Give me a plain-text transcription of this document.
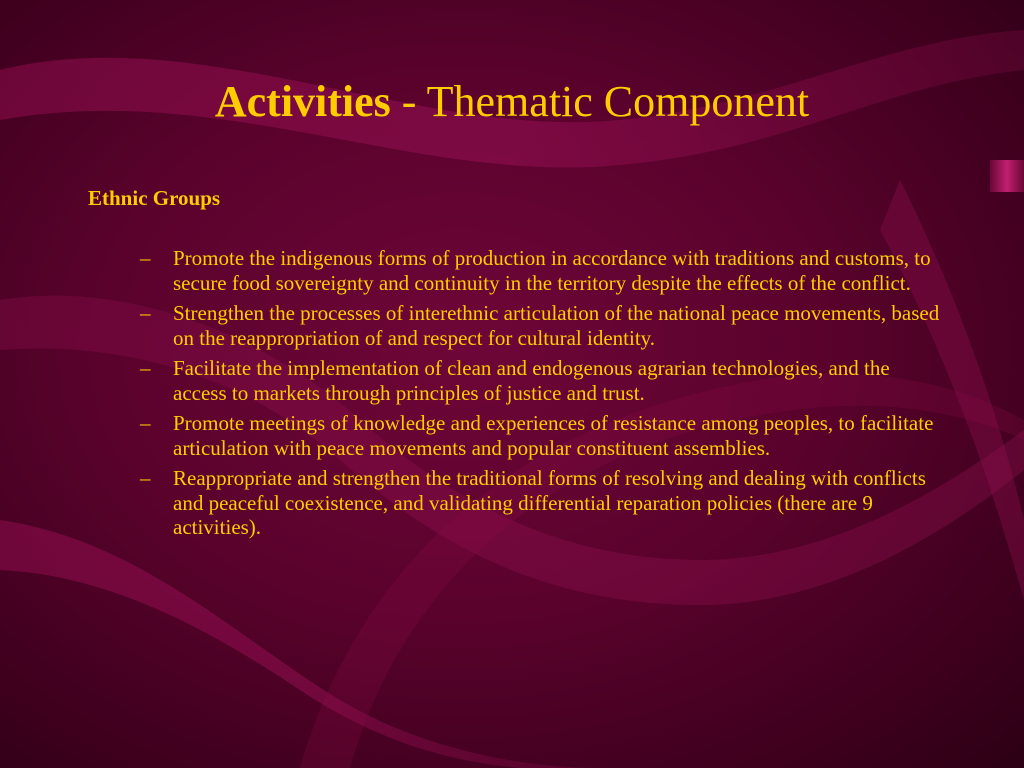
Activities - Thematic Component
Ethnic Groups
– Promote the indigenous forms of production in accordance with traditions and customs, to secure food sovereignty and continuity in the territory despite the effects of the conflict.
– Strengthen the processes of interethnic articulation of the national peace movements, based on the reappropriation of and respect for cultural identity.
– Facilitate the implementation of clean and endogenous agrarian technologies, and the access to markets through principles of justice and trust.
– Promote meetings of knowledge and experiences of resistance among peoples, to facilitate articulation with peace movements and popular constituent assemblies.
– Reappropriate and strengthen the traditional forms of resolving and dealing with conflicts and peaceful coexistence, and validating differential reparation policies (there are 9 activities).
